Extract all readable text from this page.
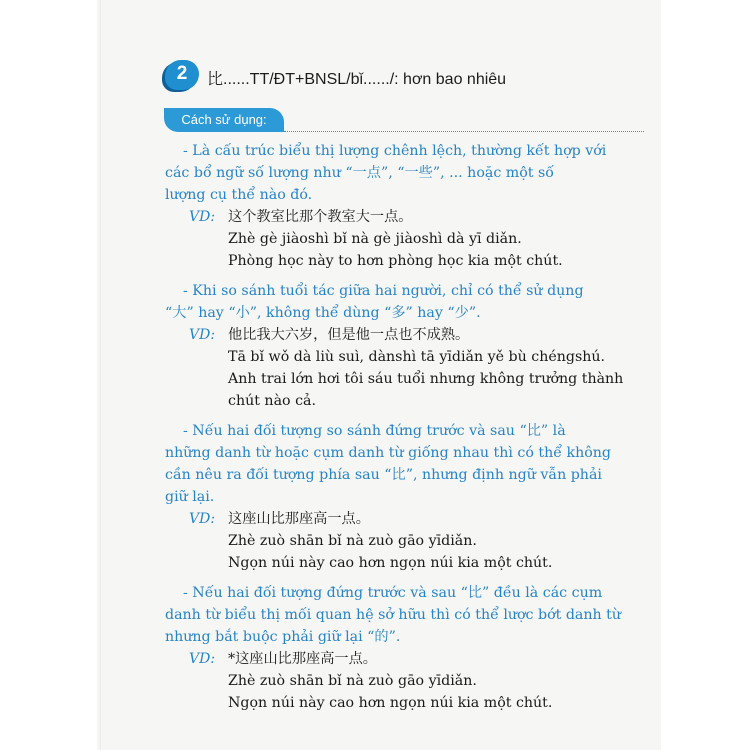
2	比......TT/ĐT+BNSL/bǐ....../: hơn bao nhiêu
Cách sử dụng:
- Là cấu trúc biểu thị lượng chênh lệch, thường kết hợp với
các bổ ngữ số lượng như “一点”, “一些”, ... hoặc một số
lượng cụ thể nào đó.
VD: 这个教室比那个教室大一点。
Zhè gè jiàoshì bǐ nà gè jiàoshì dà yī diǎn.
Phòng học này to hơn phòng học kia một chút.
- Khi so sánh tuổi tác giữa hai người, chỉ có thể sử dụng
“大” hay “小”, không thể dùng “多” hay “少”.
VD: 他比我大六岁，但是他一点也不成熟。
Tā bǐ wǒ dà liù suì, dànshì tā yīdiǎn yě bù chéngshú.
Anh trai lớn hơi tôi sáu tuổi nhưng không trưởng thành
chút nào cả.
- Nếu hai đối tượng so sánh đứng trước và sau “比” là
những danh từ hoặc cụm danh từ giống nhau thì có thể không
cần nêu ra đối tượng phía sau “比”, nhưng định ngữ vẫn phải
giữ lại.
VD: 这座山比那座高一点。
Zhè zuò shān bǐ nà zuò gāo yīdiǎn.
Ngọn núi này cao hơn ngọn núi kia một chút.
- Nếu hai đối tượng đứng trước và sau “比” đều là các cụm
danh từ biểu thị mối quan hệ sở hữu thì có thể lược bớt danh từ
nhưng bắt buộc phải giữ lại “的”.
VD: *这座山比那座高一点。
Zhè zuò shān bǐ nà zuò gāo yīdiǎn.
Ngọn núi này cao hơn ngọn núi kia một chút.
